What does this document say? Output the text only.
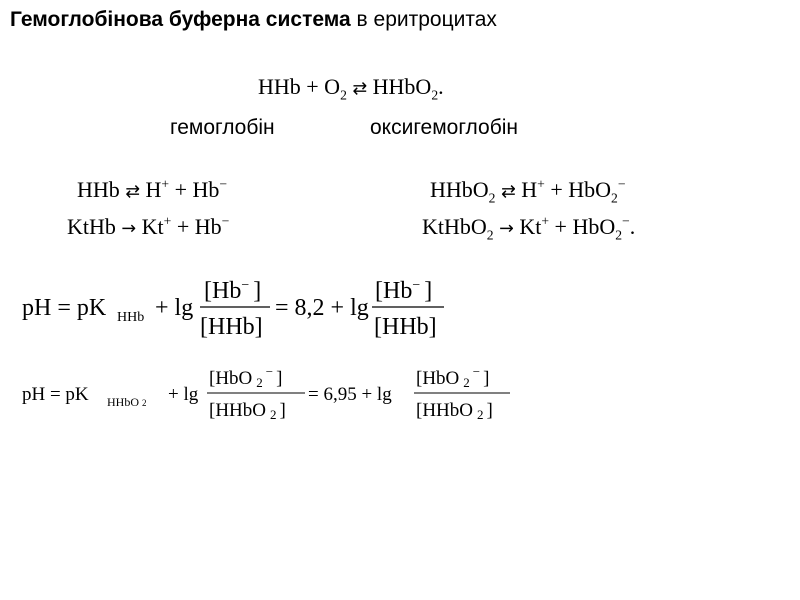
Гемоглобінова буферна система в еритроцитах
HHb + $O_2$ ⇄ HHbO$_2$.
гемоглобін	оксигемоглобін
HHb ⇄ H+ + Hb−
KtHb → Kt+ + Hb−
HHbO$_2$ ⇄ H+ + HbO$_2$−
KtHbO$_2$ → Kt+ + HbO$_2$−.
pH = pK HHb + lg
[Hb− ]
[HHb]
= 8,2 + lg
[Hb− ]
[HHb]
pH = pK HHbO 2 + lg
[HbO 2− ]
[HHbO 2 ]
= 6,95 + lg
[HbO 2− ]
[HHbO 2 ]
